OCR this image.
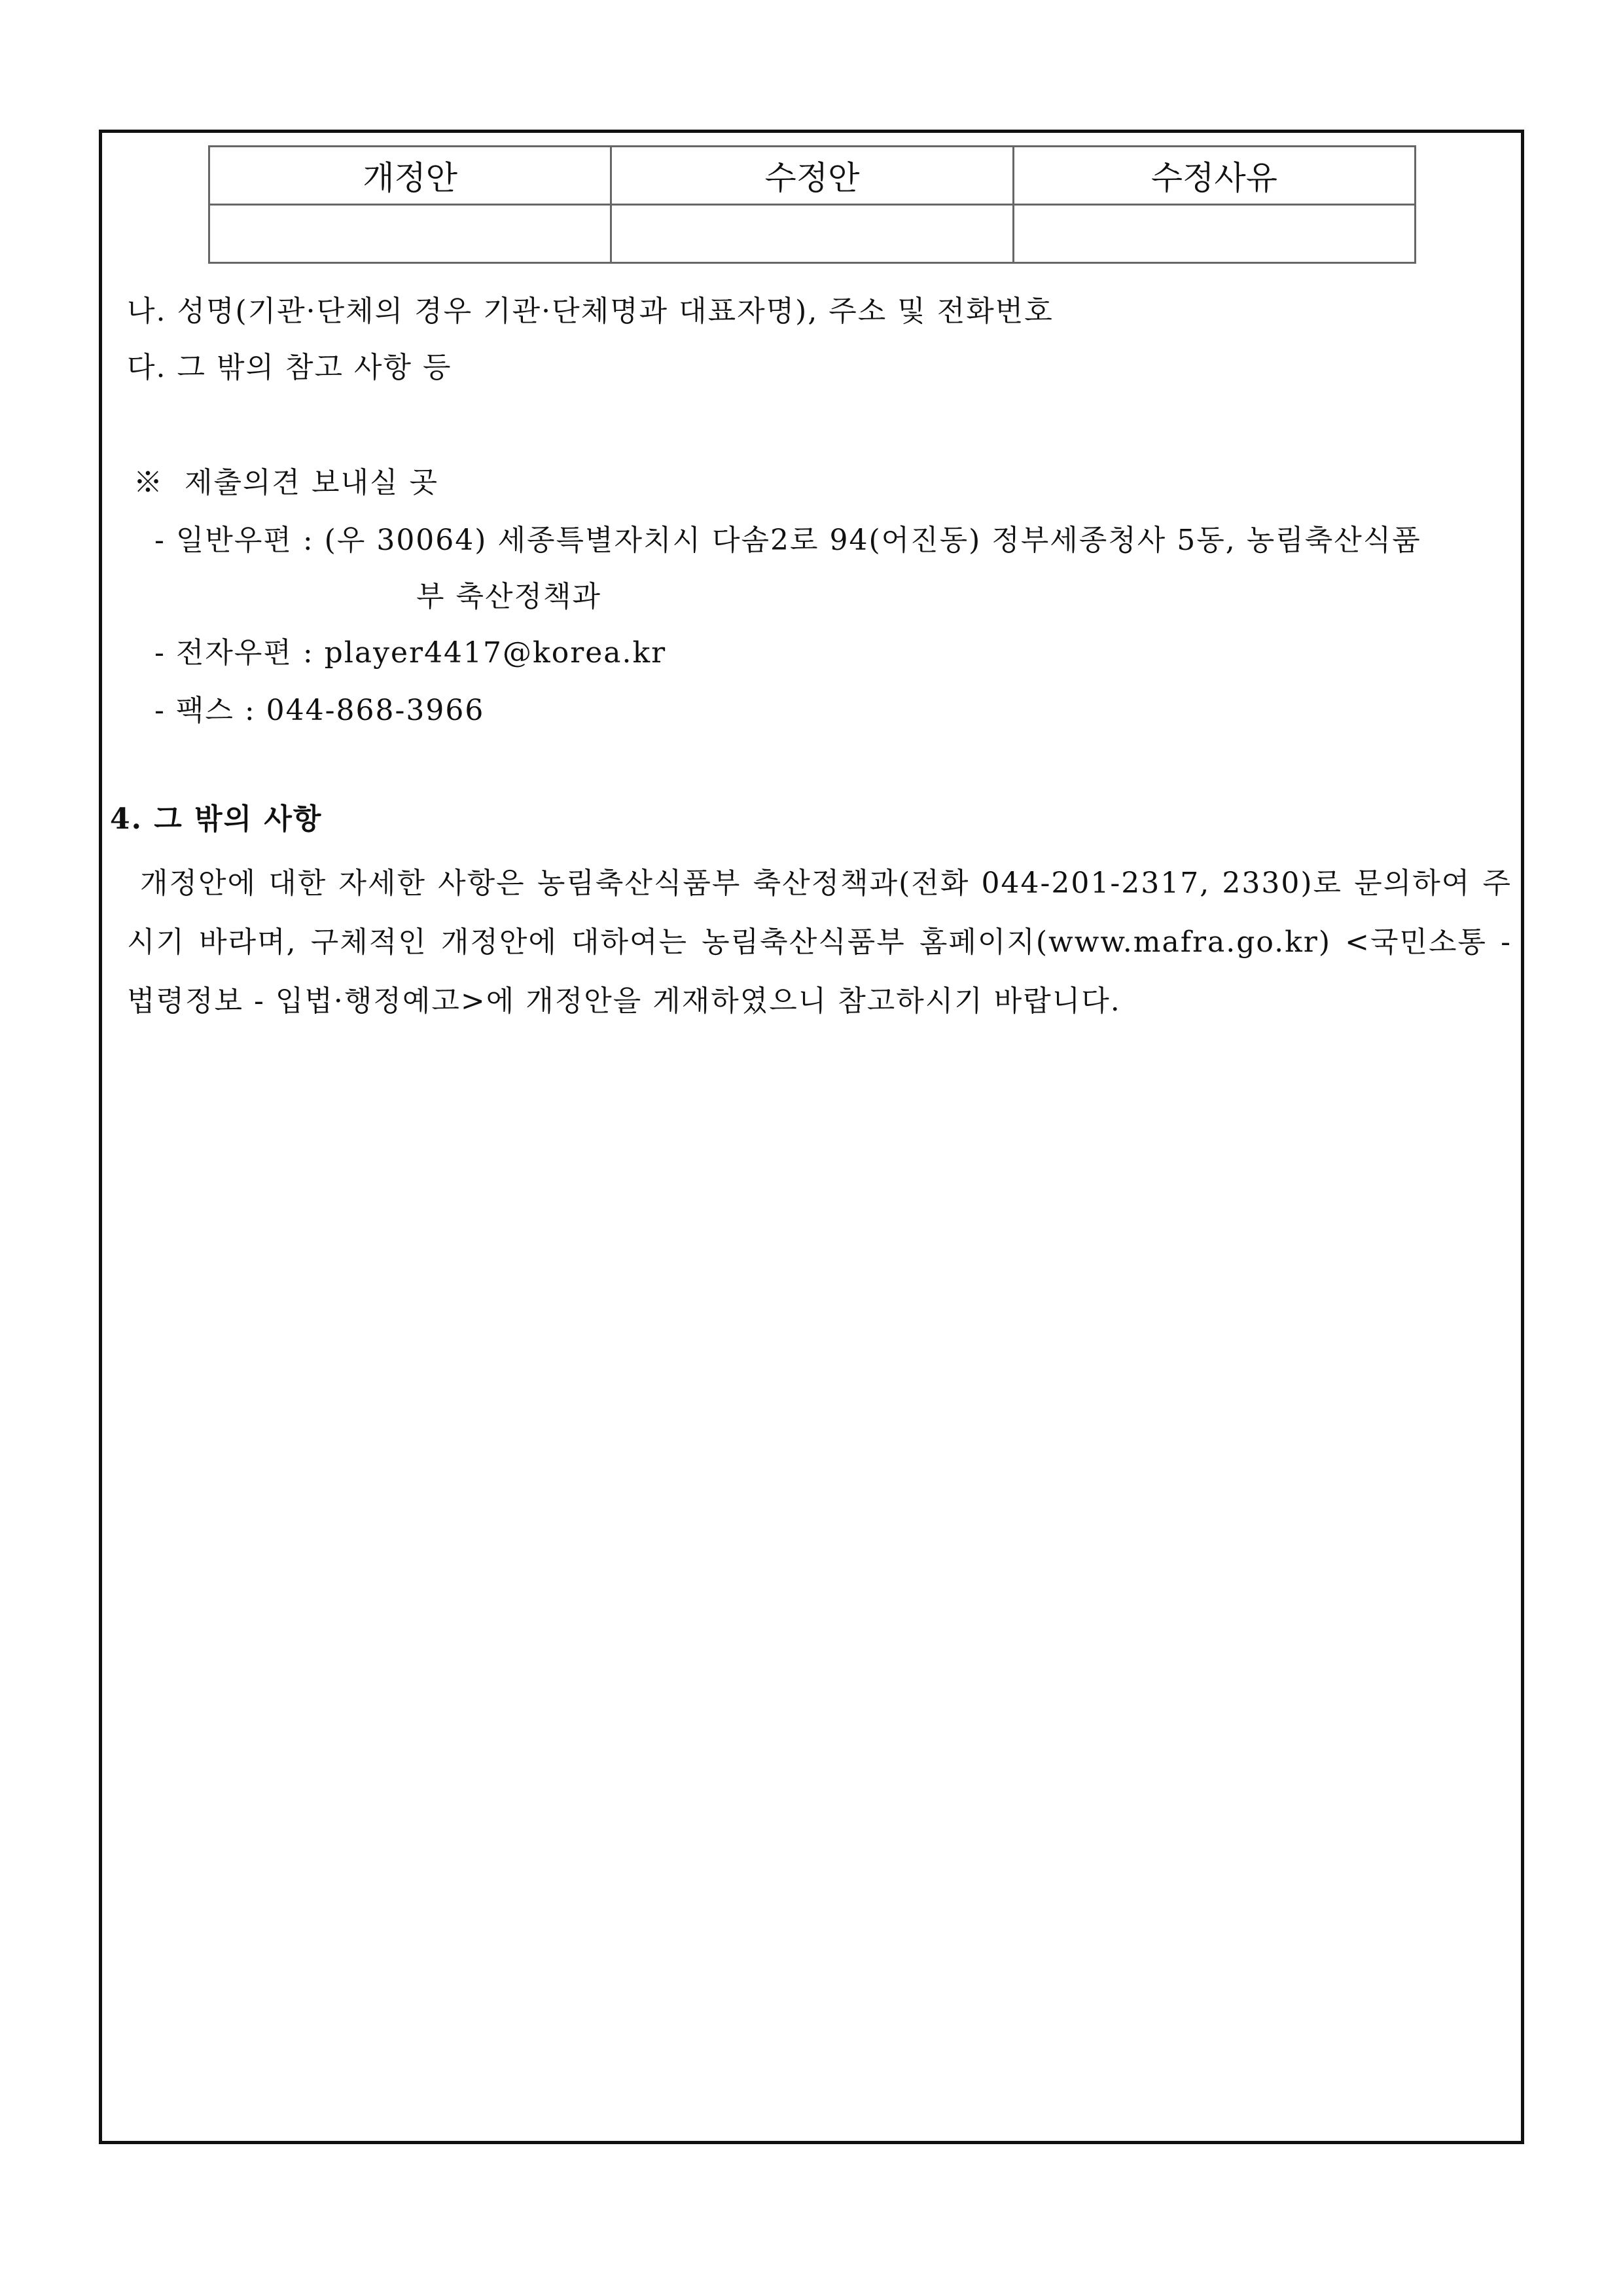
개정안	수정안	수정사유

나. 성명(기관·단체의 경우 기관·단체명과 대표자명), 주소 및 전화번호
다. 그 밖의 참고 사항 등
※  제출의견 보내실 곳
- 일반우편 : (우 30064) 세종특별자치시 다솜2로 94(어진동) 정부세종청사 5동, 농림축산식품
부 축산정책과
- 전자우편 : player4417@korea.kr
- 팩스 : 044-868-3966
4. 그 밖의 사항
개정안에 대한 자세한 사항은 농림축산식품부 축산정책과(전화 044-201-2317, 2330)로 문의하여 주시기 바라며, 구체적인 개정안에 대하여는 농림축산식품부 홈페이지(www.mafra.go.kr) <국민소통 - 법령정보 - 입법·행정예고>에 개정안을 게재하였으니 참고하시기 바랍니다.
